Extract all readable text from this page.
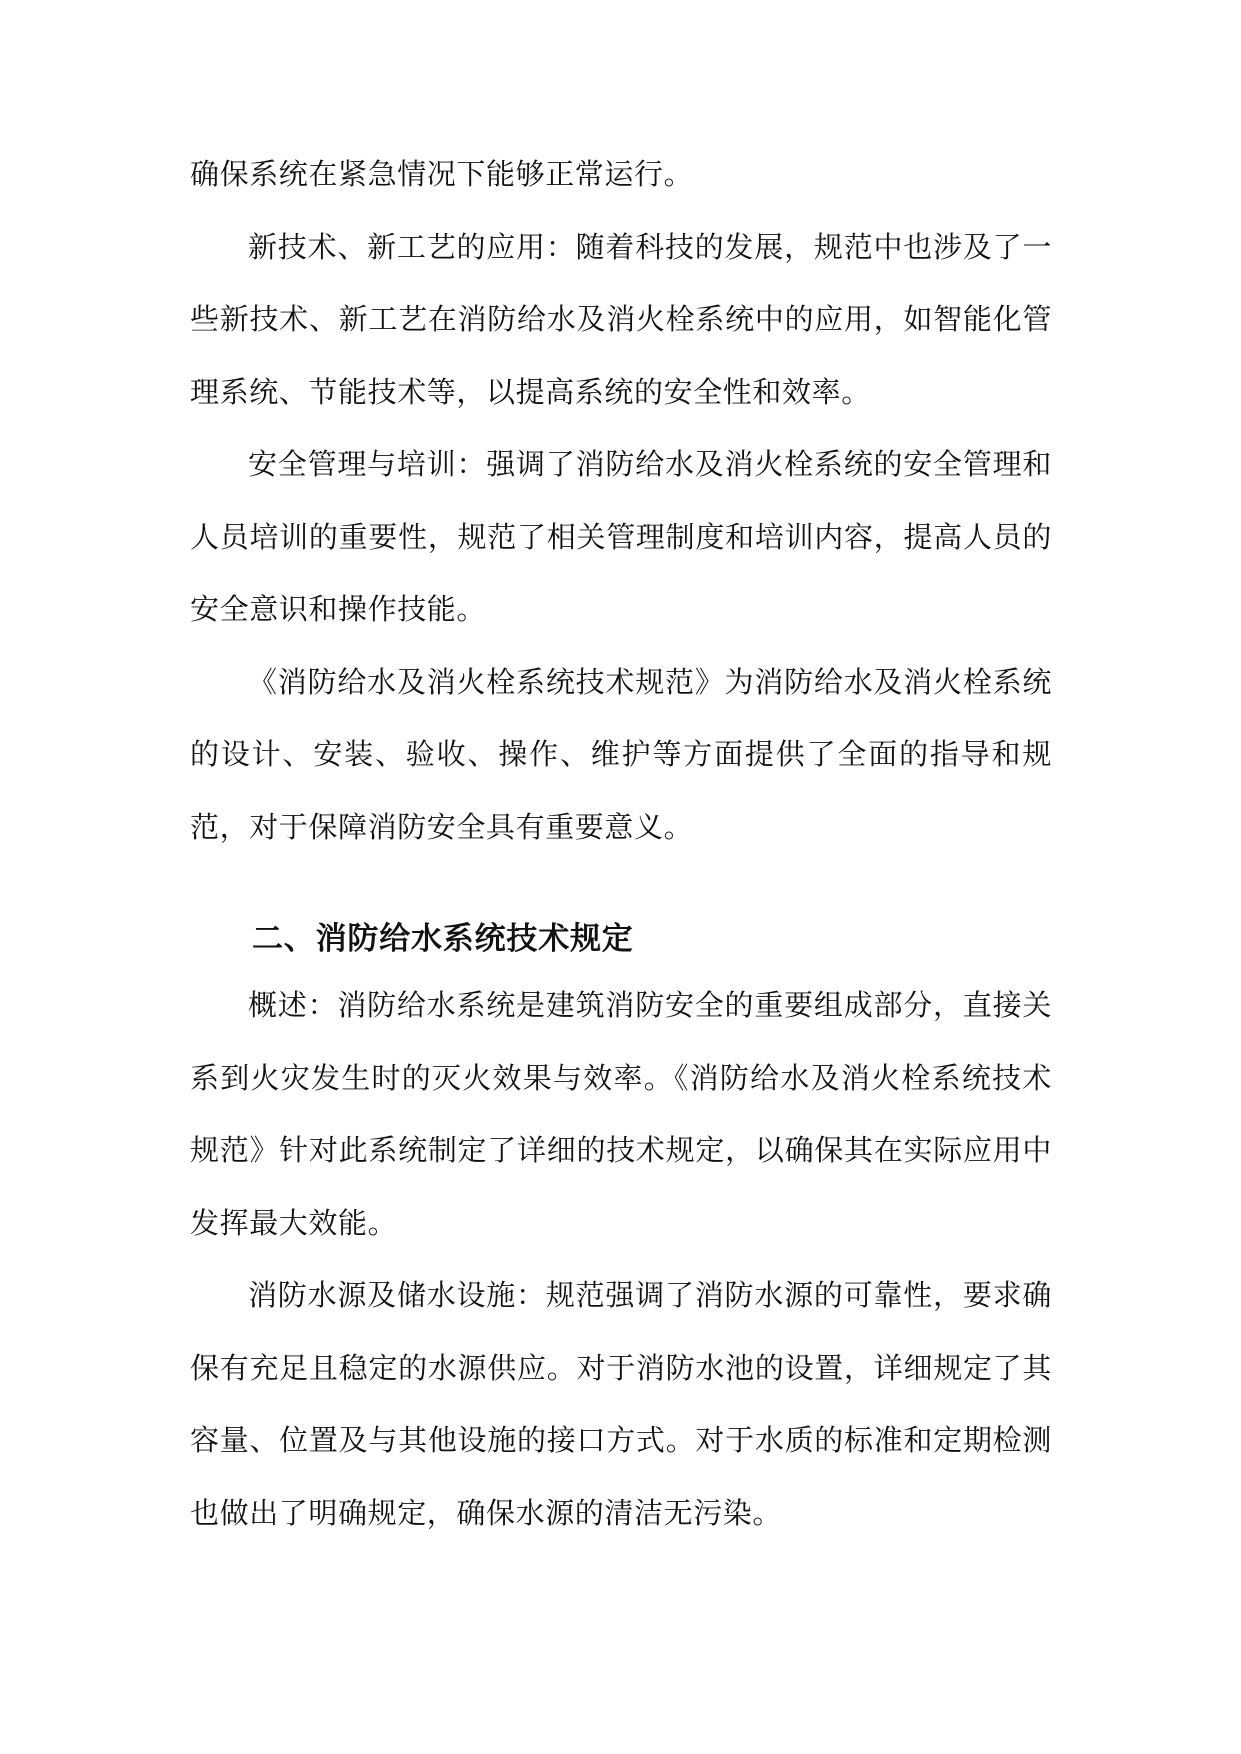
确保系统在紧急情况下能够正常运行。

新技术、新工艺的应用：随着科技的发展，规范中也涉及了一些新技术、新工艺在消防给水及消火栓系统中的应用，如智能化管理系统、节能技术等，以提高系统的安全性和效率。

安全管理与培训：强调了消防给水及消火栓系统的安全管理和人员培训的重要性，规范了相关管理制度和培训内容，提高人员的安全意识和操作技能。

《消防给水及消火栓系统技术规范》为消防给水及消火栓系统的设计、安装、验收、操作、维护等方面提供了全面的指导和规范，对于保障消防安全具有重要意义。

二、消防给水系统技术规定

概述：消防给水系统是建筑消防安全的重要组成部分，直接关系到火灾发生时的灭火效果与效率。《消防给水及消火栓系统技术规范》针对此系统制定了详细的技术规定，以确保其在实际应用中发挥最大效能。

消防水源及储水设施：规范强调了消防水源的可靠性，要求确保有充足且稳定的水源供应。对于消防水池的设置，详细规定了其容量、位置及与其他设施的接口方式。对于水质的标准和定期检测也做出了明确规定，确保水源的清洁无污染。
